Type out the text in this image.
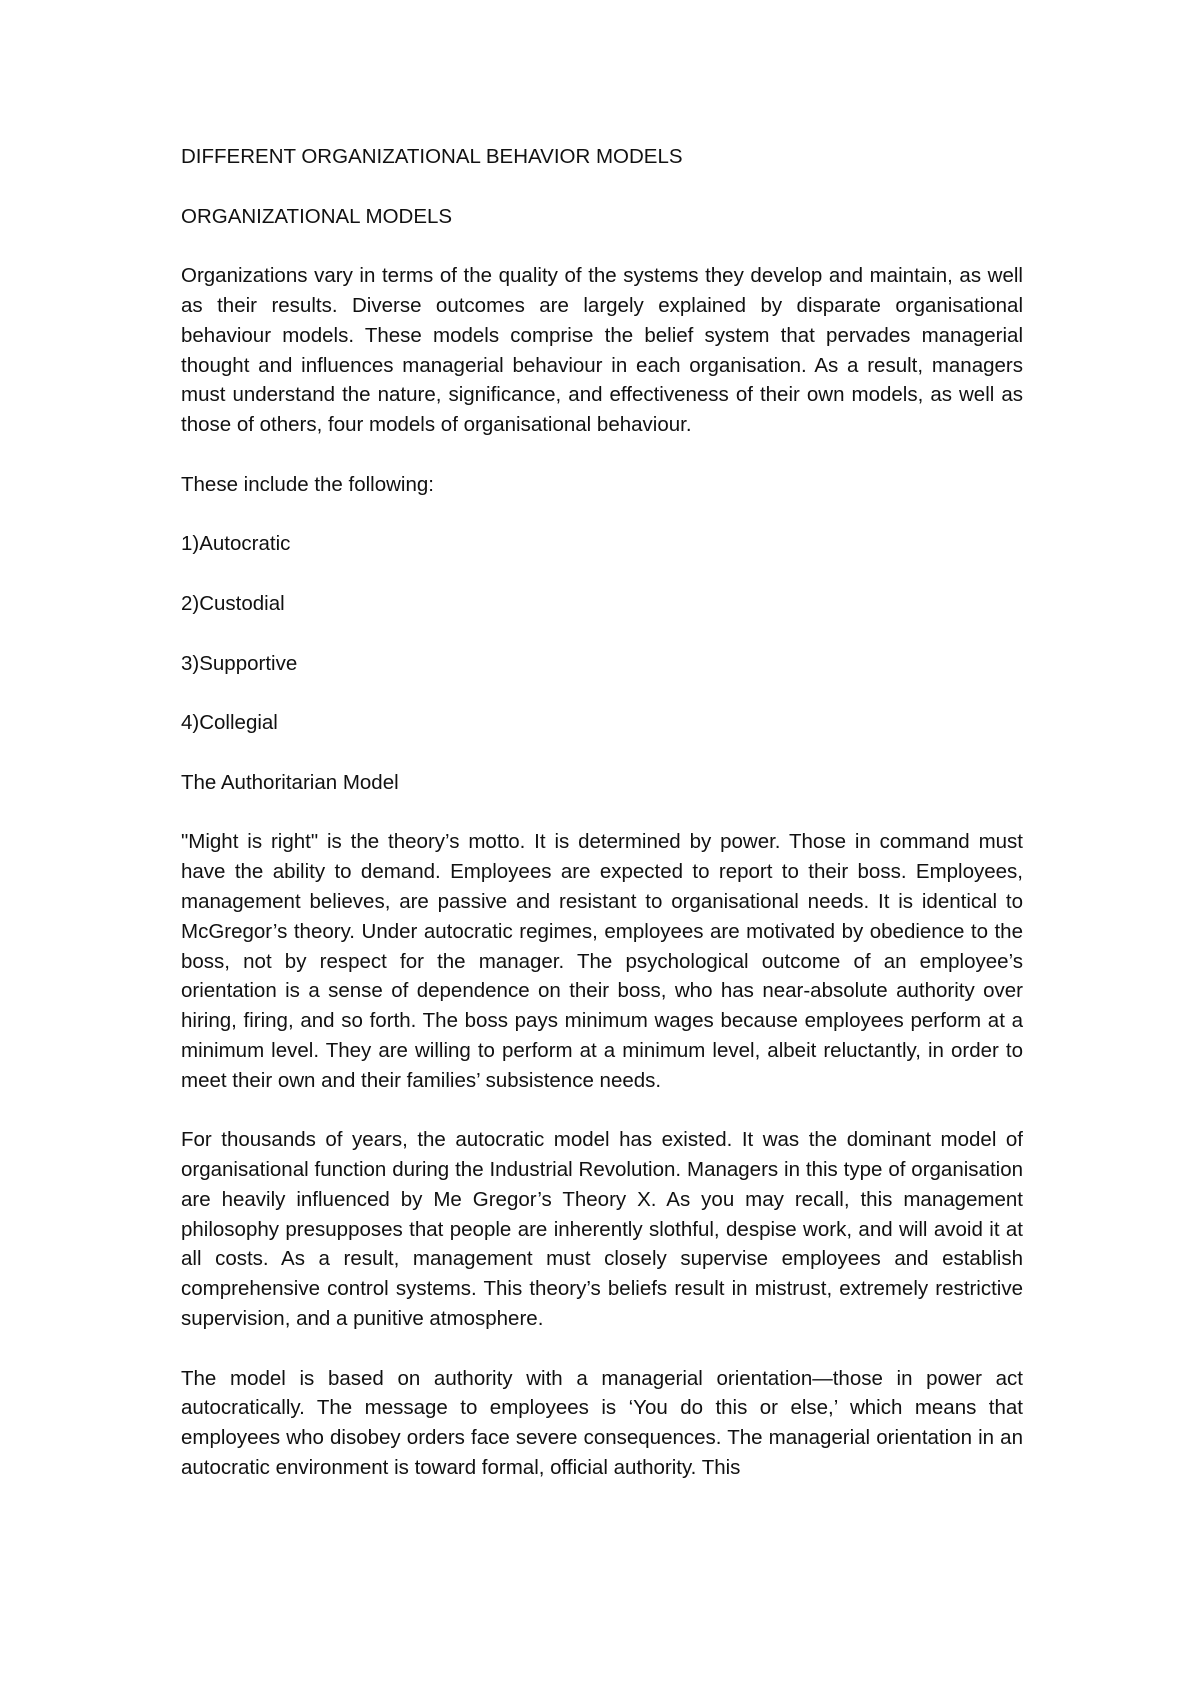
DIFFERENT ORGANIZATIONAL BEHAVIOR MODELS

ORGANIZATIONAL MODELS

Organizations vary in terms of the quality of the systems they develop and maintain, as well as their results. Diverse outcomes are largely explained by disparate organisational behaviour models. These models comprise the belief system that pervades managerial thought and influences managerial behaviour in each organisation. As a result, managers must understand the nature, significance, and effectiveness of their own models, as well as those of others, four models of organisational behaviour.

These include the following:

1)Autocratic

2)Custodial

3)Supportive

4)Collegial

The Authoritarian Model

"Might is right" is the theory’s motto. It is determined by power. Those in command must have the ability to demand. Employees are expected to report to their boss. Employees, management believes, are passive and resistant to organisational needs. It is identical to McGregor’s theory. Under autocratic regimes, employees are motivated by obedience to the boss, not by respect for the manager. The psychological outcome of an employee’s orientation is a sense of dependence on their boss, who has near-absolute authority over hiring, firing, and so forth. The boss pays minimum wages because employees perform at a minimum level. They are willing to perform at a minimum level, albeit reluctantly, in order to meet their own and their families’ subsistence needs.

For thousands of years, the autocratic model has existed. It was the dominant model of organisational function during the Industrial Revolution. Managers in this type of organisation are heavily influenced by Me Gregor’s Theory X. As you may recall, this management philosophy presupposes that people are inherently slothful, despise work, and will avoid it at all costs. As a result, management must closely supervise employees and establish comprehensive control systems. This theory’s beliefs result in mistrust, extremely restrictive supervision, and a punitive atmosphere.

The model is based on authority with a managerial orientation—those in power act autocratically. The message to employees is ‘You do this or else,’ which means that employees who disobey orders face severe consequences. The managerial orientation in an autocratic environment is toward formal, official authority. This
